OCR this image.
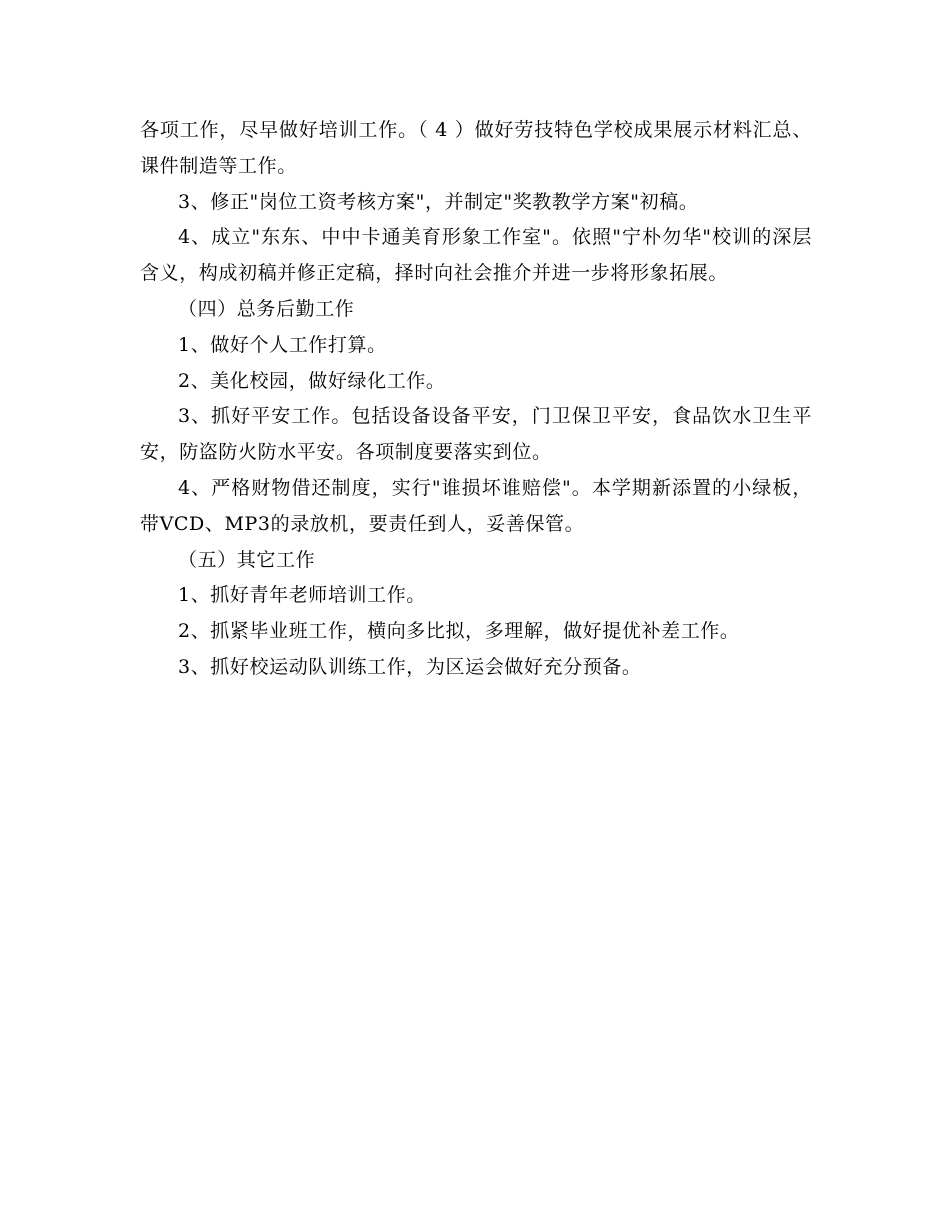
各项工作，尽早做好培训工作。（ 4 ）做好劳技特色学校成果展示材料汇总、课件制造等工作。

3、修正"岗位工资考核方案"，并制定"奖教教学方案"初稿。

4、成立"东东、中中卡通美育形象工作室"。依照"宁朴勿华"校训的深层含义，构成初稿并修正定稿，择时向社会推介并进一步将形象拓展。

（四）总务后勤工作

1、做好个人工作打算。

2、美化校园，做好绿化工作。

3、抓好平安工作。包括设备设备平安，门卫保卫平安，食品饮水卫生平安，防盗防火防水平安。各项制度要落实到位。

4、严格财物借还制度，实行"谁损坏谁赔偿"。本学期新添置的小绿板，带VCD、MP3的录放机，要责任到人，妥善保管。

（五）其它工作

1、抓好青年老师培训工作。

2、抓紧毕业班工作，横向多比拟，多理解，做好提优补差工作。

3、抓好校运动队训练工作，为区运会做好充分预备。
